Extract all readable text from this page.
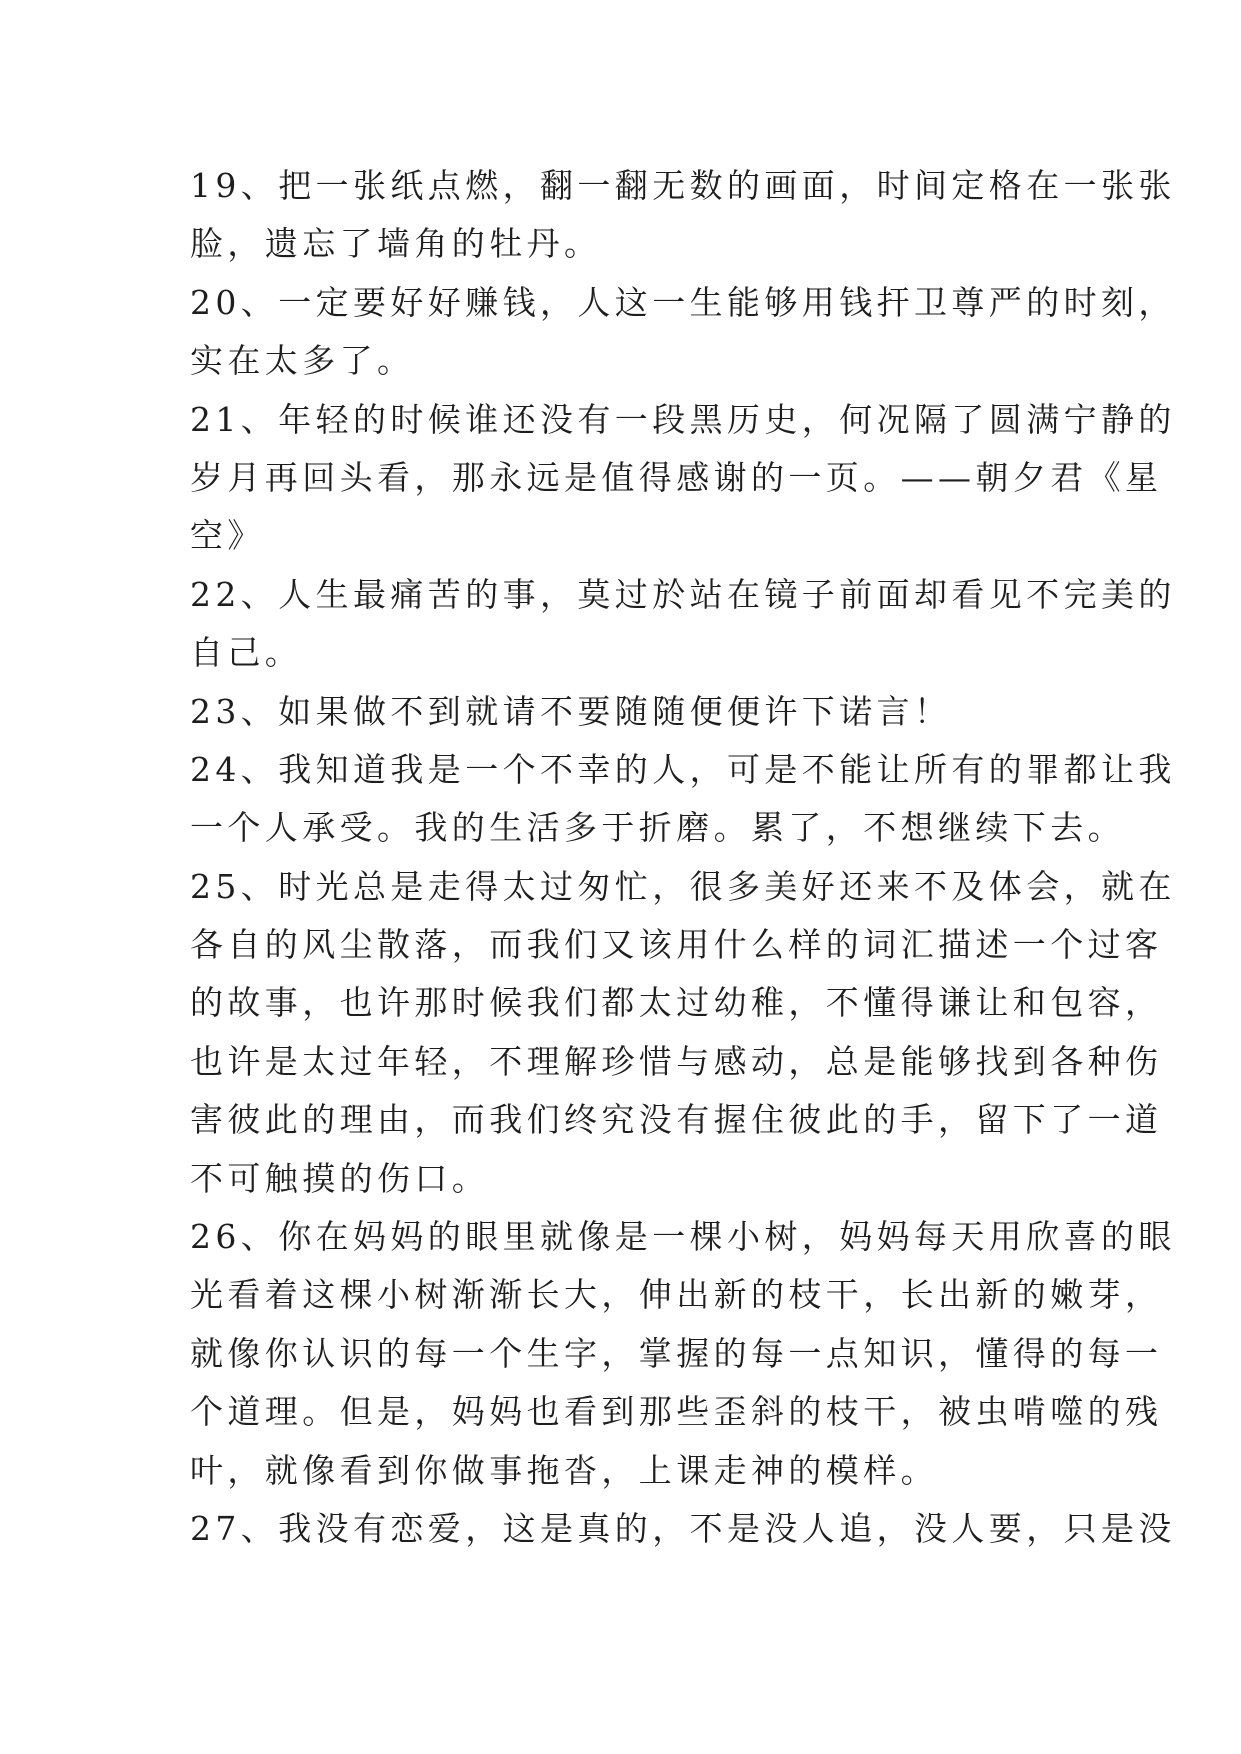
19、把一张纸点燃，翻一翻无数的画面，时间定格在一张张
脸，遗忘了墙角的牡丹。
20、一定要好好赚钱，人这一生能够用钱扞卫尊严的时刻，
实在太多了。
21、年轻的时候谁还没有一段黑历史，何况隔了圆满宁静的
岁月再回头看，那永远是值得感谢的一页。——朝夕君《星
空》
22、人生最痛苦的事，莫过於站在镜子前面却看见不完美的
自己。
23、如果做不到就请不要随随便便许下诺言！
24、我知道我是一个不幸的人，可是不能让所有的罪都让我
一个人承受。我的生活多于折磨。累了，不想继续下去。
25、时光总是走得太过匆忙，很多美好还来不及体会，就在
各自的风尘散落，而我们又该用什么样的词汇描述一个过客
的故事，也许那时候我们都太过幼稚，不懂得谦让和包容，
也许是太过年轻，不理解珍惜与感动，总是能够找到各种伤
害彼此的理由，而我们终究没有握住彼此的手，留下了一道
不可触摸的伤口。
26、你在妈妈的眼里就像是一棵小树，妈妈每天用欣喜的眼
光看着这棵小树渐渐长大，伸出新的枝干，长出新的嫩芽，
就像你认识的每一个生字，掌握的每一点知识，懂得的每一
个道理。但是，妈妈也看到那些歪斜的枝干，被虫啃噬的残
叶，就像看到你做事拖沓，上课走神的模样。
27、我没有恋爱，这是真的，不是没人追，没人要，只是没
